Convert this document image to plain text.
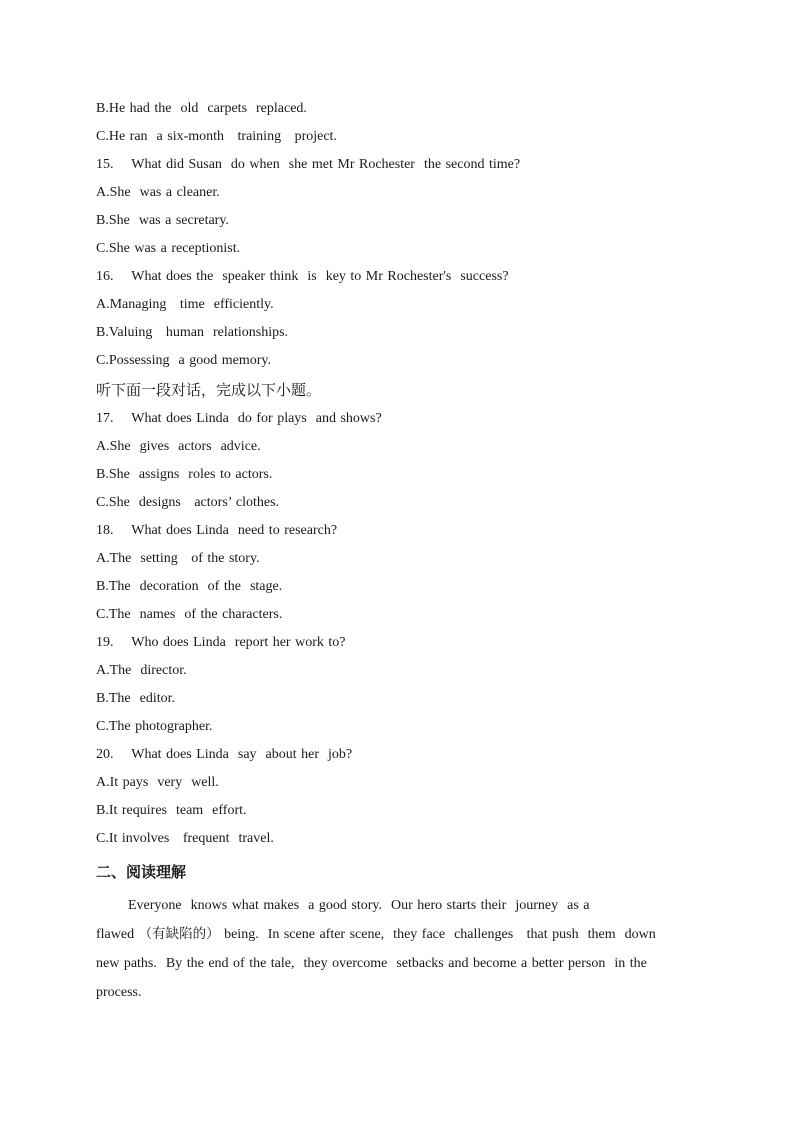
B.He had the  old  carpets  replaced.
C.He ran  a six-month   training   project.
15.    What did Susan  do when  she met Mr Rochester  the second time?
A.She  was a cleaner.
B.She  was a secretary.
C.She was a receptionist.
16.    What does the  speaker think  is  key to Mr Rochester's  success?
A.Managing   time  efficiently.
B.Valuing   human  relationships.
C.Possessing  a good memory.
听下面一段对话，完成以下小题。
17.    What does Linda  do for plays  and shows?
A.She  gives  actors  advice.
B.She  assigns  roles to actors.
C.She  designs   actors’ clothes.
18.    What does Linda  need to research?
A.The  setting   of the story.
B.The  decoration  of the  stage.
C.The  names  of the characters.
19.    Who does Linda  report her work to?
A.The  director.
B.The  editor.
C.The photographer.
20.    What does Linda  say  about her  job?
A.It pays  very  well.
B.It requires  team  effort.
C.It involves   frequent  travel.
二、阅读理解
Everyone  knows what makes  a good story.  Our hero starts their  journey  as a
flawed （有缺陷的） being.  In scene after scene,  they face  challenges   that push  them  down
new paths.  By the end of the tale,  they overcome  setbacks and become a better person  in the
process.
